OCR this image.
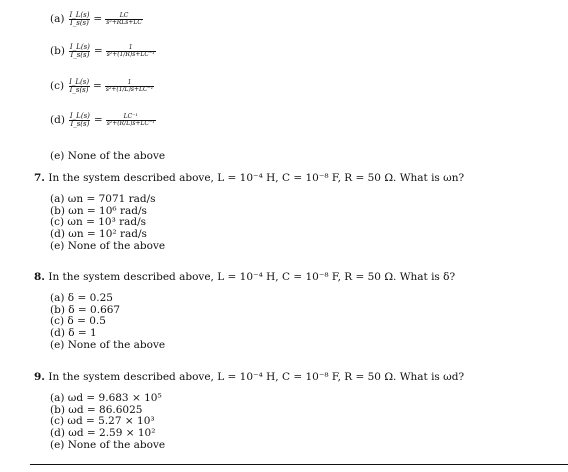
$(a) \frac{I\_L(s)}{I\_s(s)} = \frac{LC}{\text{s²+RLs+LC}}$
$(b) \frac{I\_L(s)}{I\_s(s)} = \frac{1}{\text{s²+(1/R)s+LC⁻¹}}$
$(c) \frac{I\_L(s)}{I\_s(s)} = \frac{1}{\text{s²+(1/L)s+LC⁻¹}}$
$(d) \frac{I\_L(s)}{I\_s(s)} = \frac{\text{LC⁻¹}}{\text{s²+(R/L)s+LC⁻¹}}$
(e) None of the above
7. In the system described above, L = 10⁻⁴ H, C = 10⁻⁸ F, R = 50 Ω. What is ωn?
(a) ωn = 7071 rad/s
(b) ωn = 10⁶ rad/s
(c) ωn = 10³ rad/s
(d) ωn = 10² rad/s
(e) None of the above
8. In the system described above, L = 10⁻⁴ H, C = 10⁻⁸ F, R = 50 Ω. What is δ?
(a) δ = 0.25
(b) δ = 0.667
(c) δ = 0.5
(d) δ = 1
(e) None of the above
9. In the system described above, L = 10⁻⁴ H, C = 10⁻⁸ F, R = 50 Ω. What is ωd?
(a) ωd = 9.683 × 10⁵
(b) ωd = 86.6025
(c) ωd = 5.27 × 10³
(d) ωd = 2.59 × 10²
(e) None of the above
